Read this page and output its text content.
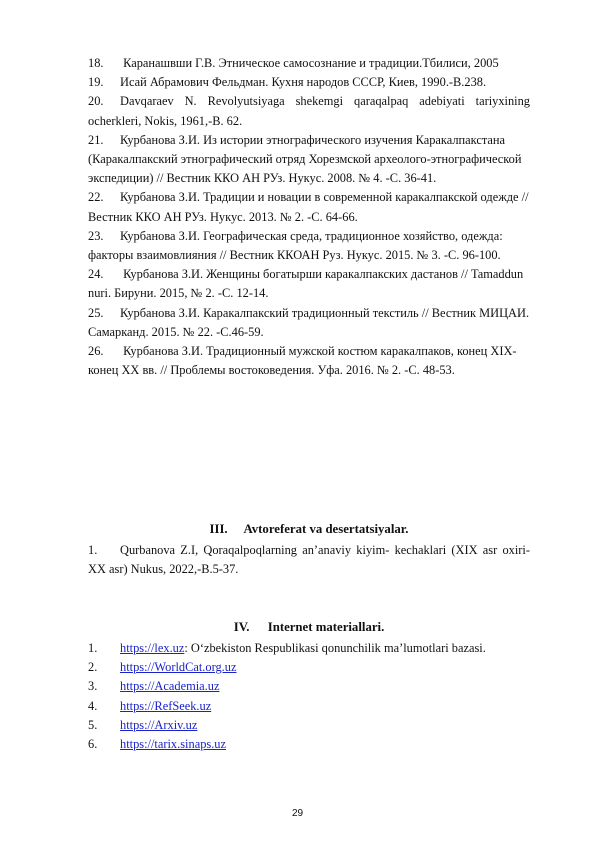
18. Каранашвши Г.В. Этническое самосознание и традиции.Тбилиси, 2005

19. Исай Абрамович Фельдман. Кухня народов СССР, Киев, 1990.-В.238.

20. Davqaraev N. Revolyutsiyaga shekemgi qaraqalpaq adebiyati tariyxining ocherkleri, Nokis, 1961,-B. 62.

21. Курбанова З.И. Из истории этнографического изучения Каракалпакстана (Каракалпакский этнографический отряд Хорезмской археолого-этнографической экспедиции) // Вестник ККО АН РУз. Нукус. 2008. № 4. -С. 36-41.

22. Курбанова З.И. Традиции и новации в современной каракалпакской одежде // Вестник ККО АН РУз. Нукус. 2013. № 2. -С. 64-66.

23. Курбанова З.И. Географическая среда, традиционное хозяйство, одежда: факторы взаимовлияния // Вестник ККОАН Руз. Нукус. 2015. № 3. -С. 96-100.

24. Курбанова З.И. Женщины богатырши каракалпакских дастанов // Tamaddun nuri. Бируни. 2015, № 2. -С. 12-14.

25. Курбанова З.И. Каракалпакский традиционный текстиль // Вестник МИЦАИ. Самарканд. 2015. № 22. -С.46-59.

26. Курбанова З.И. Традиционный мужской костюм каракалпаков, конец XIX- конец XX вв. // Проблемы востоковедения. Уфа. 2016. № 2. -С. 48-53.

III. Avtoreferat va desertatsiyalar.

1. Qurbanova Z.I, Qoraqalpoqlarning an’anaviy kiyim- kechaklari (XIX asr oxiri- XX asr) Nukus, 2022,-B.5-37.

IV. Internet materiallari.

1. https://lex.uz: O‘zbekiston Respublikasi qonunchilik ma’lumotlari bazasi.

2. https://WorldCat.org.uz

3. https://Academia.uz

4. https://RefSeek.uz

5. https://Arxiv.uz

6. https://tarix.sinaps.uz

29
